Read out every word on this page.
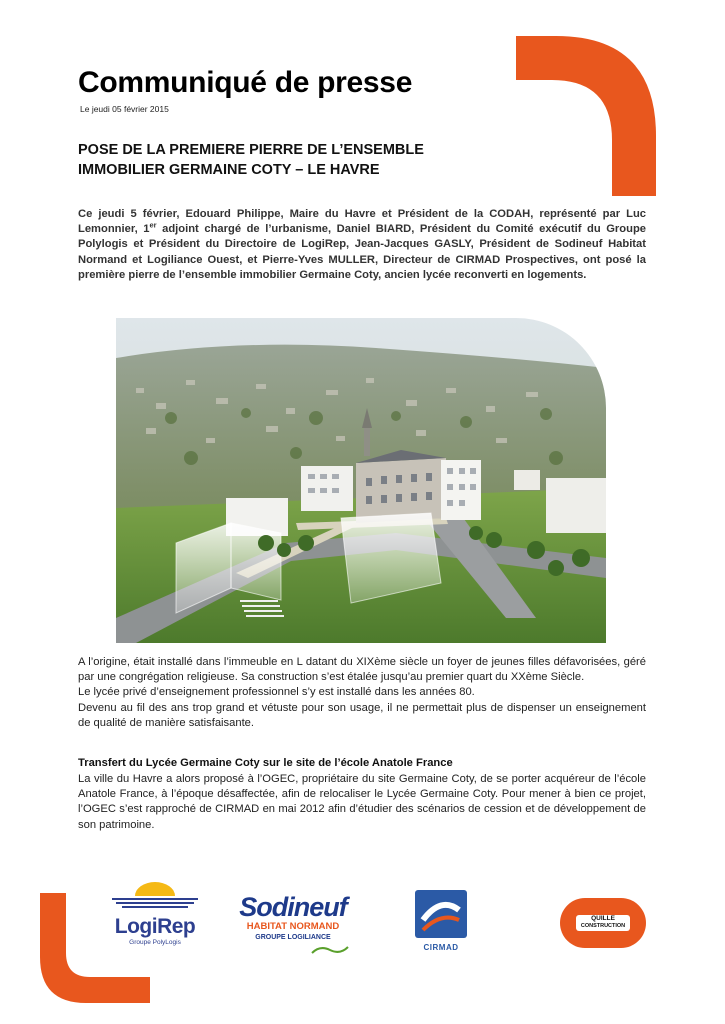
Communiqué de presse
Le jeudi 05 février 2015
POSE DE LA PREMIERE PIERRE DE L’ENSEMBLE
IMMOBILIER GERMAINE COTY – LE HAVRE
Ce jeudi 5 février, Edouard Philippe, Maire du Havre et Président de la CODAH, représenté par Luc Lemonnier, 1er adjoint chargé de l’urbanisme, Daniel BIARD, Président du Comité exécutif du Groupe Polylogis et Président du Directoire de LogiRep, Jean-Jacques GASLY, Président de Sodineuf Habitat Normand et Logiliance Ouest, et Pierre-Yves MULLER, Directeur de CIRMAD Prospectives, ont posé la première pierre de l’ensemble immobilier Germaine Coty, ancien lycée reconverti en logements.

A l’origine, était installé dans l’immeuble en L datant du XIXème siècle un foyer de jeunes filles défavorisées, géré par une congrégation religieuse. Sa construction s’est étalée jusqu’au premier quart du XXème Siècle.

Le lycée privé d’enseignement professionnel s’y est installé dans les années 80.

Devenu au fil des ans trop grand et vétuste pour son usage, il ne permettait plus de dispenser un enseignement de qualité de manière satisfaisante.

Transfert du Lycée Germaine Coty sur le site de l’école Anatole France
La ville du Havre a alors proposé à l’OGEC, propriétaire du site Germaine Coty, de se porter acquéreur de l’école Anatole France, à l’époque désaffectée, afin de relocaliser le Lycée Germaine Coty. Pour mener à bien ce projet, l’OGEC s’est rapproché de CIRMAD en mai 2012 afin d’étudier des scénarios de cession et de développement de son patrimoine.
LogiRep
Groupe PolyLogis
Sodineuf
HABITAT NORMAND
GROUPE LOGILIANCE
CIRMAD
QUILLE
CONSTRUCTION
